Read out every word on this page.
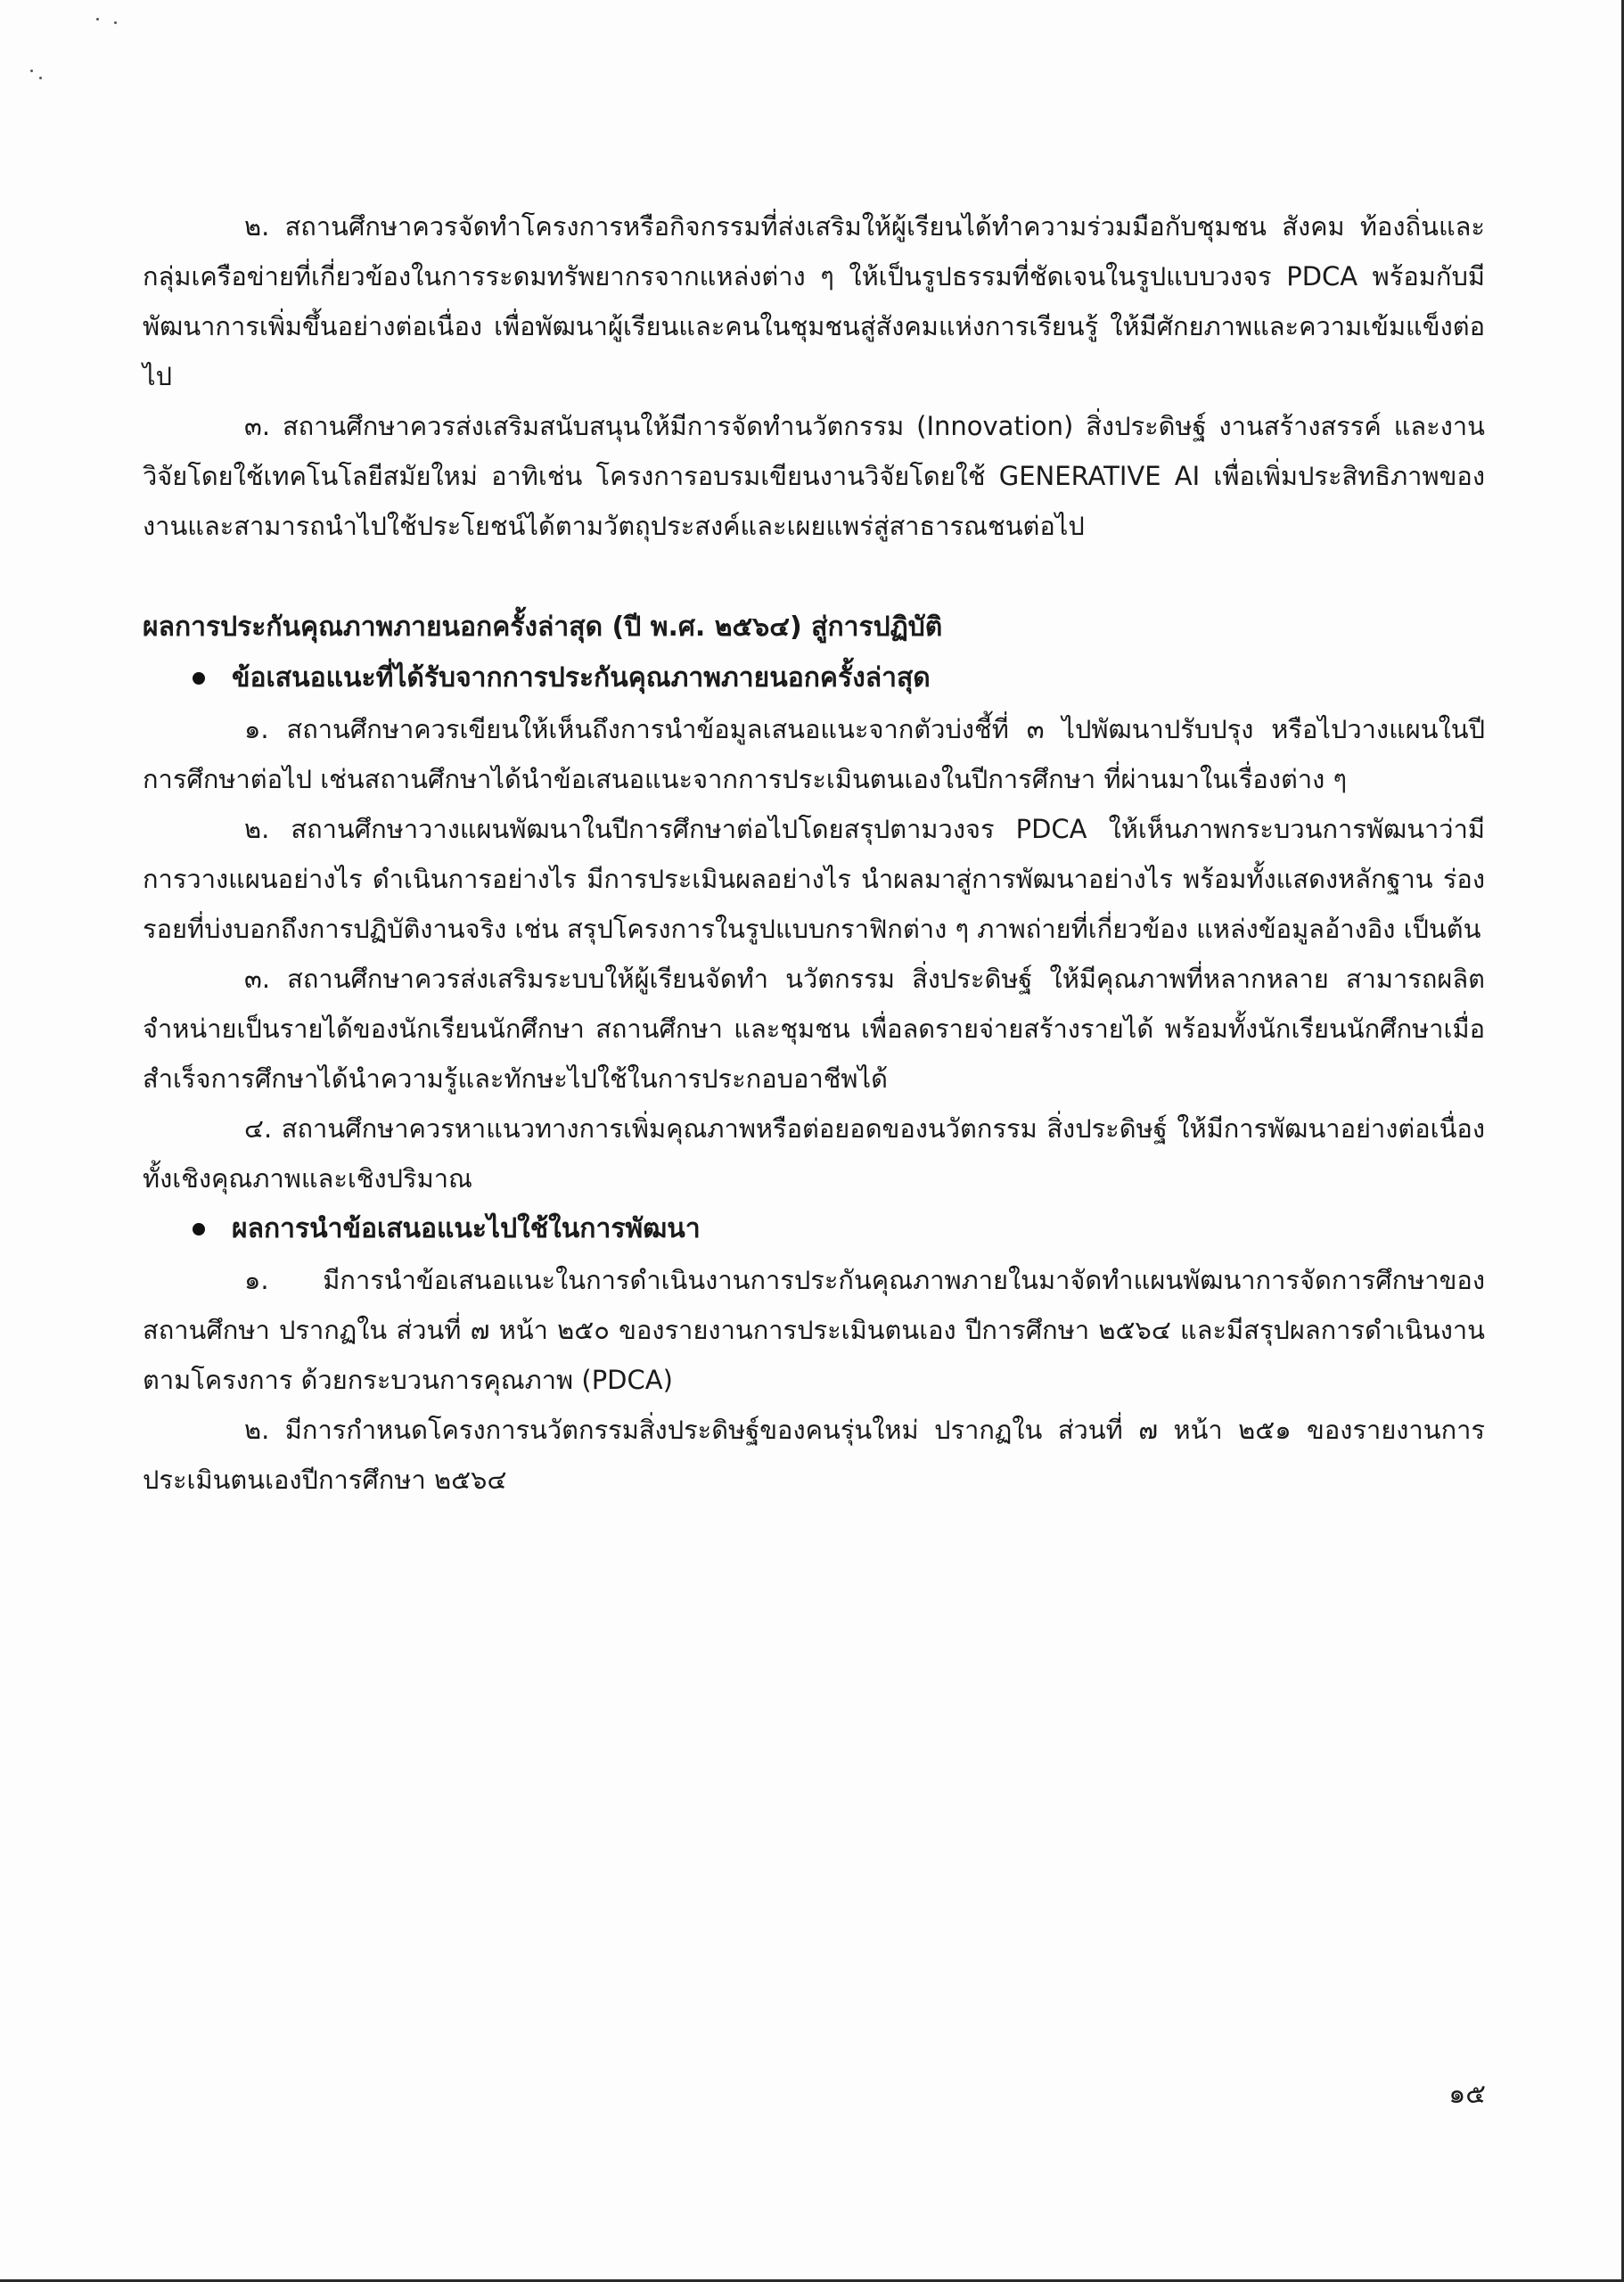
๒. สถานศึกษาควรจัดทำโครงการหรือกิจกรรมที่ส่งเสริมให้ผู้เรียนได้ทำความร่วมมือกับชุมชน สังคม ท้องถิ่นและกลุ่มเครือข่ายที่เกี่ยวข้องในการระดมทรัพยากรจากแหล่งต่าง ๆ ให้เป็นรูปธรรมที่ชัดเจนในรูปแบบวงจร PDCA พร้อมกับมีพัฒนาการเพิ่มขึ้นอย่างต่อเนื่อง เพื่อพัฒนาผู้เรียนและคนในชุมชนสู่สังคมแห่งการเรียนรู้ ให้มีศักยภาพและความเข้มแข็งต่อไป

๓. สถานศึกษาควรส่งเสริมสนับสนุนให้มีการจัดทำนวัตกรรม (Innovation) สิ่งประดิษฐ์ งานสร้างสรรค์ และงานวิจัยโดยใช้เทคโนโลยีสมัยใหม่ อาทิเช่น โครงการอบรมเขียนงานวิจัยโดยใช้ GENERATIVE AI เพื่อเพิ่มประสิทธิภาพของงานและสามารถนำไปใช้ประโยชน์ได้ตามวัตถุประสงค์และเผยแพร่สู่สาธารณชนต่อไป

ผลการประกันคุณภาพภายนอกครั้งล่าสุด (ปี พ.ศ. ๒๕๖๔) สู่การปฏิบัติ
ข้อเสนอแนะที่ได้รับจากการประกันคุณภาพภายนอกครั้งล่าสุด

๑. สถานศึกษาควรเขียนให้เห็นถึงการนำข้อมูลเสนอแนะจากตัวบ่งชี้ที่ ๓ ไปพัฒนาปรับปรุง หรือไปวางแผนในปีการศึกษาต่อไป เช่นสถานศึกษาได้นำข้อเสนอแนะจากการประเมินตนเองในปีการศึกษา ที่ผ่านมาในเรื่องต่าง ๆ

๒. สถานศึกษาวางแผนพัฒนาในปีการศึกษาต่อไปโดยสรุปตามวงจร PDCA ให้เห็นภาพกระบวนการพัฒนาว่ามีการวางแผนอย่างไร ดำเนินการอย่างไร มีการประเมินผลอย่างไร นำผลมาสู่การพัฒนาอย่างไร พร้อมทั้งแสดงหลักฐาน ร่องรอยที่บ่งบอกถึงการปฏิบัติงานจริง เช่น สรุปโครงการในรูปแบบกราฟิกต่าง ๆ ภาพถ่ายที่เกี่ยวข้อง แหล่งข้อมูลอ้างอิง เป็นต้น

๓. สถานศึกษาควรส่งเสริมระบบให้ผู้เรียนจัดทำ นวัตกรรม สิ่งประดิษฐ์ ให้มีคุณภาพที่หลากหลาย สามารถผลิตจำหน่ายเป็นรายได้ของนักเรียนนักศึกษา สถานศึกษา และชุมชน เพื่อลดรายจ่ายสร้างรายได้ พร้อมทั้งนักเรียนนักศึกษาเมื่อสำเร็จการศึกษาได้นำความรู้และทักษะไปใช้ในการประกอบอาชีพได้

๔. สถานศึกษาควรหาแนวทางการเพิ่มคุณภาพหรือต่อยอดของนวัตกรรม สิ่งประดิษฐ์ ให้มีการพัฒนาอย่างต่อเนื่องทั้งเชิงคุณภาพและเชิงปริมาณ

ผลการนำข้อเสนอแนะไปใช้ในการพัฒนา

๑. มีการนำข้อเสนอแนะในการดำเนินงานการประกันคุณภาพภายในมาจัดทำแผนพัฒนาการจัดการศึกษาของสถานศึกษา ปรากฏใน ส่วนที่ ๗ หน้า ๒๕๐ ของรายงานการประเมินตนเอง ปีการศึกษา ๒๕๖๔ และมีสรุปผลการดำเนินงานตามโครงการ ด้วยกระบวนการคุณภาพ (PDCA)

๒. มีการกำหนดโครงการนวัตกรรมสิ่งประดิษฐ์ของคนรุ่นใหม่ ปรากฏใน ส่วนที่ ๗ หน้า ๒๕๑ ของรายงานการประเมินตนเองปีการศึกษา ๒๕๖๔

๑๕
